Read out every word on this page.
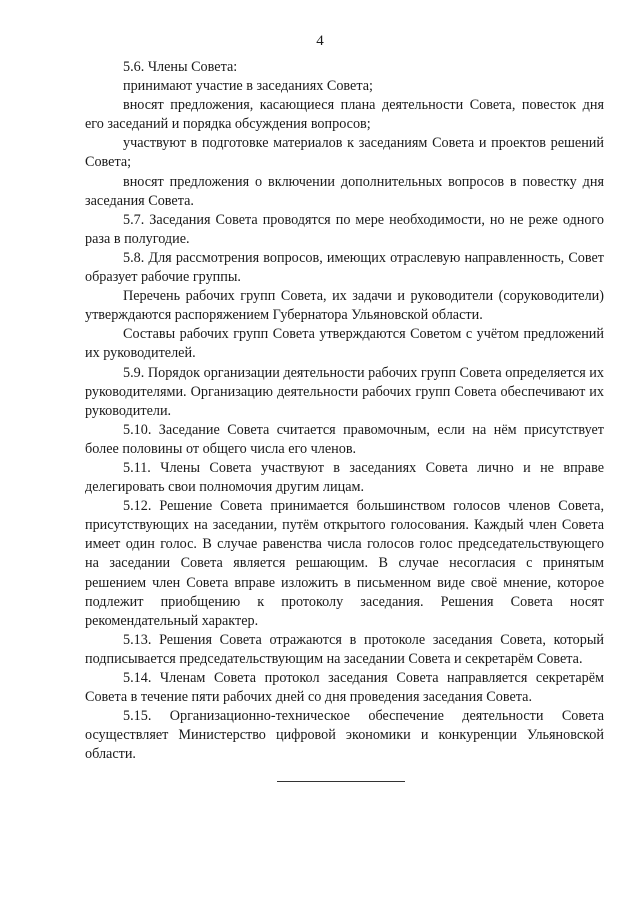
4

5.6. Члены Совета:

принимают участие в заседаниях Совета;

вносят предложения, касающиеся плана деятельности Совета, повесток дня его заседаний и порядка обсуждения вопросов;

участвуют в подготовке материалов к заседаниям Совета и проектов решений Совета;

вносят предложения о включении дополнительных вопросов в повестку дня заседания Совета.

5.7. Заседания Совета проводятся по мере необходимости, но не реже одного раза в полугодие.

5.8. Для рассмотрения вопросов, имеющих отраслевую направленность, Совет образует рабочие группы.

Перечень рабочих групп Совета, их задачи и руководители (соруководители) утверждаются распоряжением Губернатора Ульяновской области.

Составы рабочих групп Совета утверждаются Советом с учётом предложений их руководителей.

5.9. Порядок организации деятельности рабочих групп Совета определяется их руководителями. Организацию деятельности рабочих групп Совета обеспечивают их руководители.

5.10. Заседание Совета считается правомочным, если на нём присутствует более половины от общего числа его членов.

5.11. Члены Совета участвуют в заседаниях Совета лично и не вправе делегировать свои полномочия другим лицам.

5.12. Решение Совета принимается большинством голосов членов Совета, присутствующих на заседании, путём открытого голосования. Каждый член Совета имеет один голос. В случае равенства числа голосов голос председательствующего на заседании Совета является решающим. В случае несогласия с принятым решением член Совета вправе изложить в письменном виде своё мнение, которое подлежит приобщению к протоколу заседания. Решения Совета носят рекомендательный характер.

5.13. Решения Совета отражаются в протоколе заседания Совета, который подписывается председательствующим на заседании Совета и секретарём Совета.

5.14. Членам Совета протокол заседания Совета направляется секретарём Совета в течение пяти рабочих дней со дня проведения заседания Совета.

5.15. Организационно-техническое обеспечение деятельности Совета осуществляет Министерство цифровой экономики и конкуренции Ульяновской области.
